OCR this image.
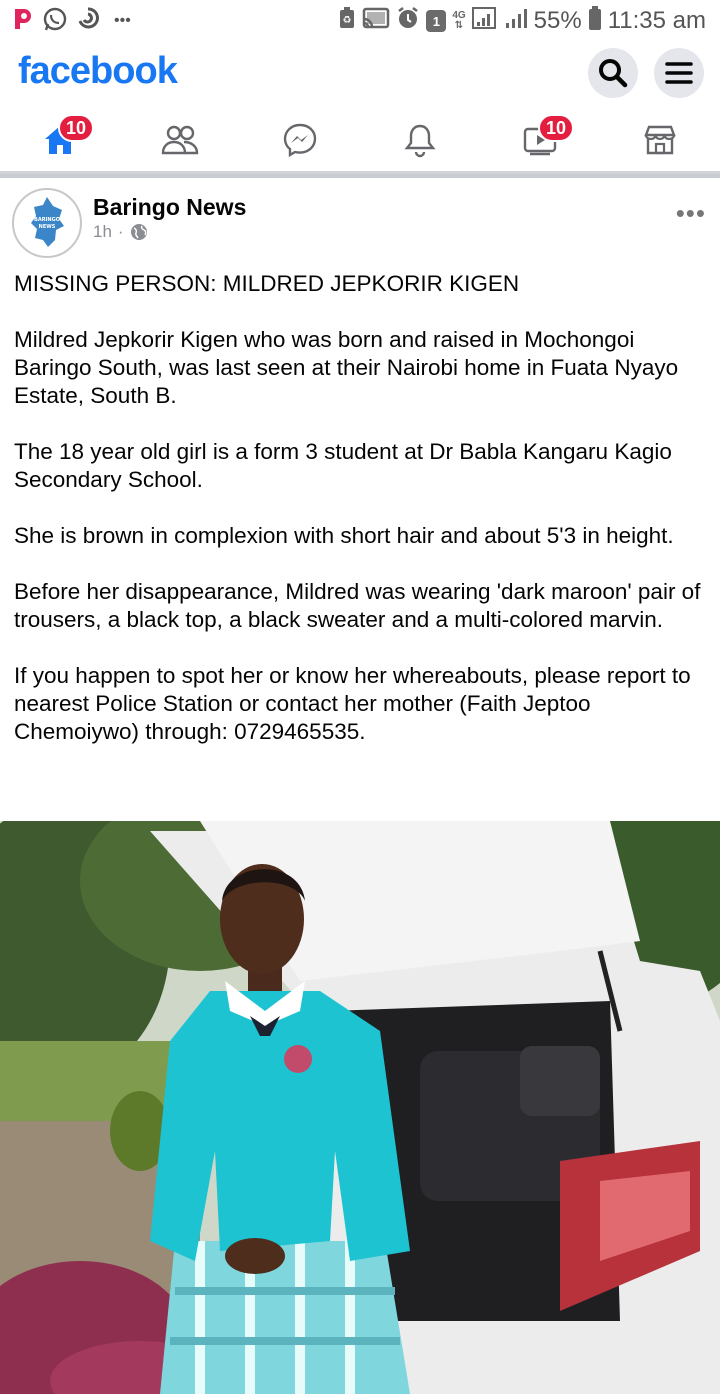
•••	♻	1	4G
⇅	55% 11:35 am
facebook
10	10
BARINGO
NEWS
Baringo News
1h ·
•••

MISSING PERSON: MILDRED JEPKORIR KIGEN

Mildred Jepkorir Kigen who was born and raised in Mochongoi Baringo South, was last seen at their Nairobi home in Fuata Nyayo Estate, South B.

The 18 year old girl is a form 3 student at Dr Babla Kangaru Kagio Secondary School.

She is brown in complexion with short hair and about 5'3 in height.

Before her disappearance, Mildred was wearing 'dark maroon' pair of trousers, a black top, a black sweater and a multi-colored marvin.

If you happen to spot her or know her whereabouts, please report to nearest Police Station or contact her mother (Faith Jeptoo Chemoiywo) through: 0729465535.
